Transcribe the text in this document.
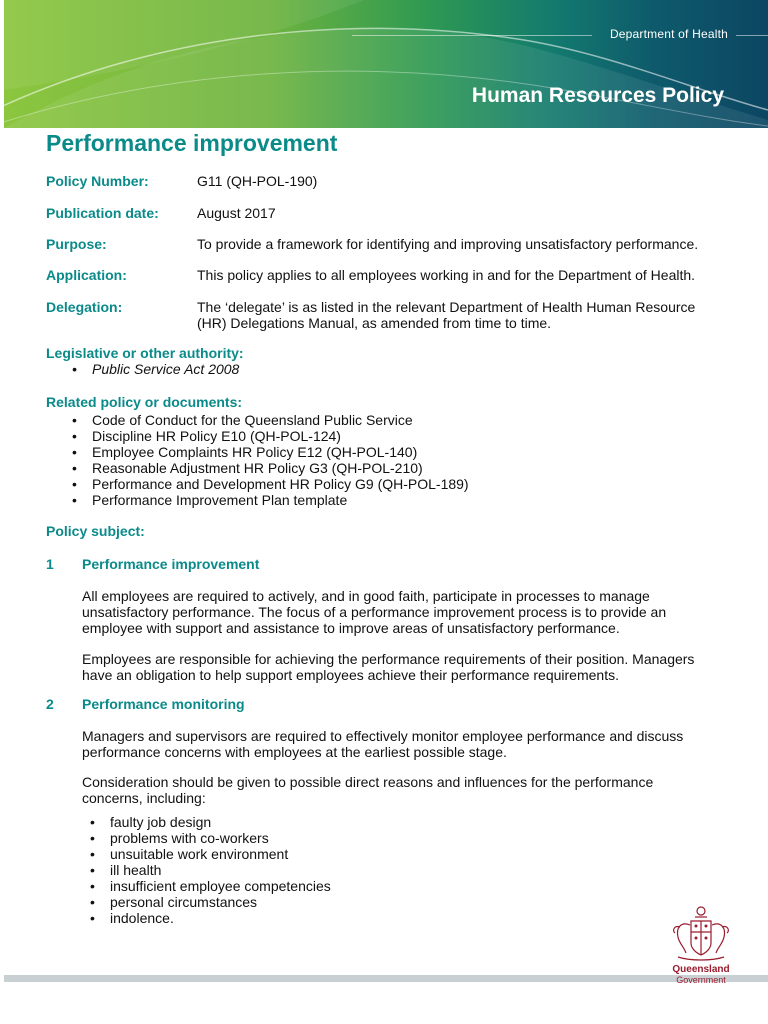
Department of Health
Human Resources Policy
Performance improvement
Policy Number:	G11 (QH-POL-190)
Publication date:	August 2017
Purpose:	To provide a framework for identifying and improving unsatisfactory performance.
Application:	This policy applies to all employees working in and for the Department of Health.
Delegation:	The ‘delegate’ is as listed in the relevant Department of Health Human Resource (HR) Delegations Manual, as amended from time to time.
Legislative or other authority:
• Public Service Act 2008
Related policy or documents:
• Code of Conduct for the Queensland Public Service
• Discipline HR Policy E10 (QH-POL-124)
• Employee Complaints HR Policy E12 (QH-POL-140)
• Reasonable Adjustment HR Policy G3 (QH-POL-210)
• Performance and Development HR Policy G9 (QH-POL-189)
• Performance Improvement Plan template
Policy subject:
1 Performance improvement
All employees are required to actively, and in good faith, participate in processes to manage unsatisfactory performance. The focus of a performance improvement process is to provide an employee with support and assistance to improve areas of unsatisfactory performance.
Employees are responsible for achieving the performance requirements of their position. Managers have an obligation to help support employees achieve their performance requirements.
2 Performance monitoring
Managers and supervisors are required to effectively monitor employee performance and discuss performance concerns with employees at the earliest possible stage.
Consideration should be given to possible direct reasons and influences for the performance concerns, including:
• faulty job design
• problems with co-workers
• unsuitable work environment
• ill health
• insufficient employee competencies
• personal circumstances
• indolence.
Queensland
Government
